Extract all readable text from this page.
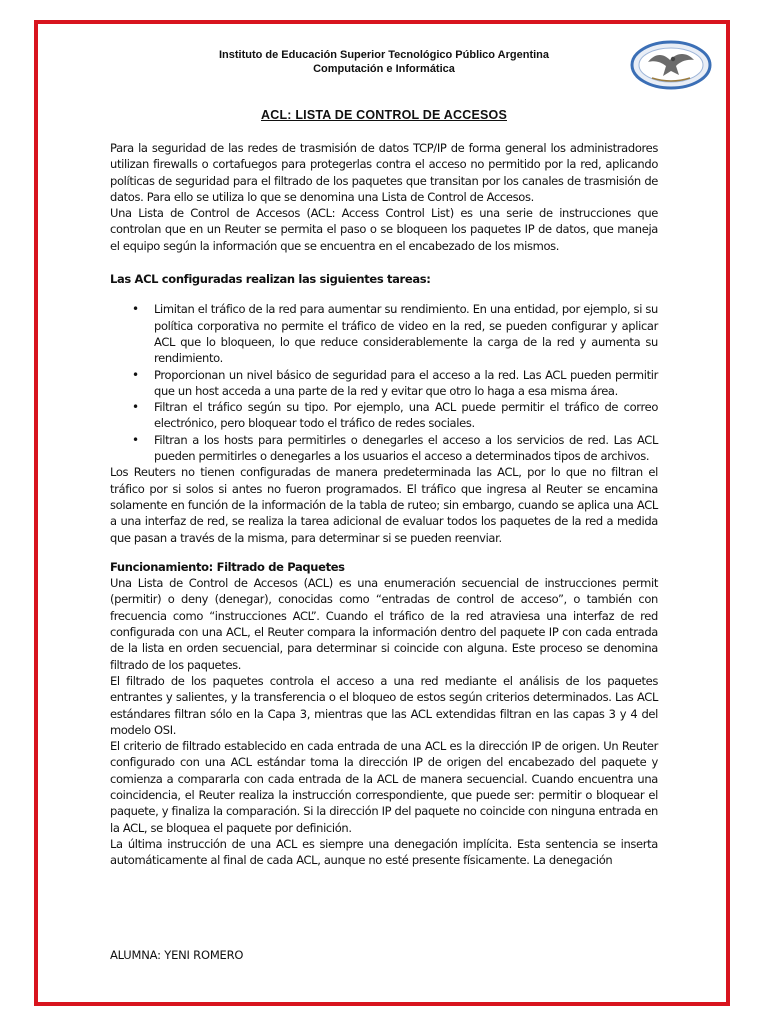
Instituto de Educación Superior Tecnológico Público Argentina
Computación e Informática
ACL: LISTA DE CONTROL DE ACCESOS

Para la seguridad de las redes de trasmisión de datos TCP/IP de forma general los administradores utilizan firewalls o cortafuegos para protegerlas contra el acceso no permitido por la red, aplicando políticas de seguridad para el filtrado de los paquetes que transitan por los canales de trasmisión de datos. Para ello se utiliza lo que se denomina una Lista de Control de Accesos.

Una Lista de Control de Accesos (ACL: Access Control List) es una serie de instrucciones que controlan que en un Reuter se permita el paso o se bloqueen los paquetes IP de datos, que maneja el equipo según la información que se encuentra en el encabezado de los mismos.

Las ACL configuradas realizan las siguientes tareas:

• Limitan el tráfico de la red para aumentar su rendimiento. En una entidad, por ejemplo, si su política corporativa no permite el tráfico de video en la red, se pueden configurar y aplicar ACL que lo bloqueen, lo que reduce considerablemente la carga de la red y aumenta su rendimiento.
• Proporcionan un nivel básico de seguridad para el acceso a la red. Las ACL pueden permitir que un host acceda a una parte de la red y evitar que otro lo haga a esa misma área.
• Filtran el tráfico según su tipo. Por ejemplo, una ACL puede permitir el tráfico de correo electrónico, pero bloquear todo el tráfico de redes sociales.
• Filtran a los hosts para permitirles o denegarles el acceso a los servicios de red. Las ACL pueden permitirles o denegarles a los usuarios el acceso a determinados tipos de archivos.

Los Reuters no tienen configuradas de manera predeterminada las ACL, por lo que no filtran el tráfico por si solos si antes no fueron programados. El tráfico que ingresa al Reuter se encamina solamente en función de la información de la tabla de ruteo; sin embargo, cuando se aplica una ACL a una interfaz de red, se realiza la tarea adicional de evaluar todos los paquetes de la red a medida que pasan a través de la misma, para determinar si se pueden reenviar.

Funcionamiento: Filtrado de Paquetes

Una Lista de Control de Accesos (ACL) es una enumeración secuencial de instrucciones permit (permitir) o deny (denegar), conocidas como “entradas de control de acceso”, o también con frecuencia como “instrucciones ACL”. Cuando el tráfico de la red atraviesa una interfaz de red configurada con una ACL, el Reuter compara la información dentro del paquete IP con cada entrada de la lista en orden secuencial, para determinar si coincide con alguna. Este proceso se denomina filtrado de los paquetes.

El filtrado de los paquetes controla el acceso a una red mediante el análisis de los paquetes entrantes y salientes, y la transferencia o el bloqueo de estos según criterios determinados. Las ACL estándares filtran sólo en la Capa 3, mientras que las ACL extendidas filtran en las capas 3 y 4 del modelo OSI.

El criterio de filtrado establecido en cada entrada de una ACL es la dirección IP de origen. Un Reuter configurado con una ACL estándar toma la dirección IP de origen del encabezado del paquete y comienza a compararla con cada entrada de la ACL de manera secuencial. Cuando encuentra una coincidencia, el Reuter realiza la instrucción correspondiente, que puede ser: permitir o bloquear el paquete, y finaliza la comparación. Si la dirección IP del paquete no coincide con ninguna entrada en la ACL, se bloquea el paquete por definición.

La última instrucción de una ACL es siempre una denegación implícita. Esta sentencia se inserta automáticamente al final de cada ACL, aunque no esté presente físicamente. La denegación

ALUMNA: YENI ROMERO
